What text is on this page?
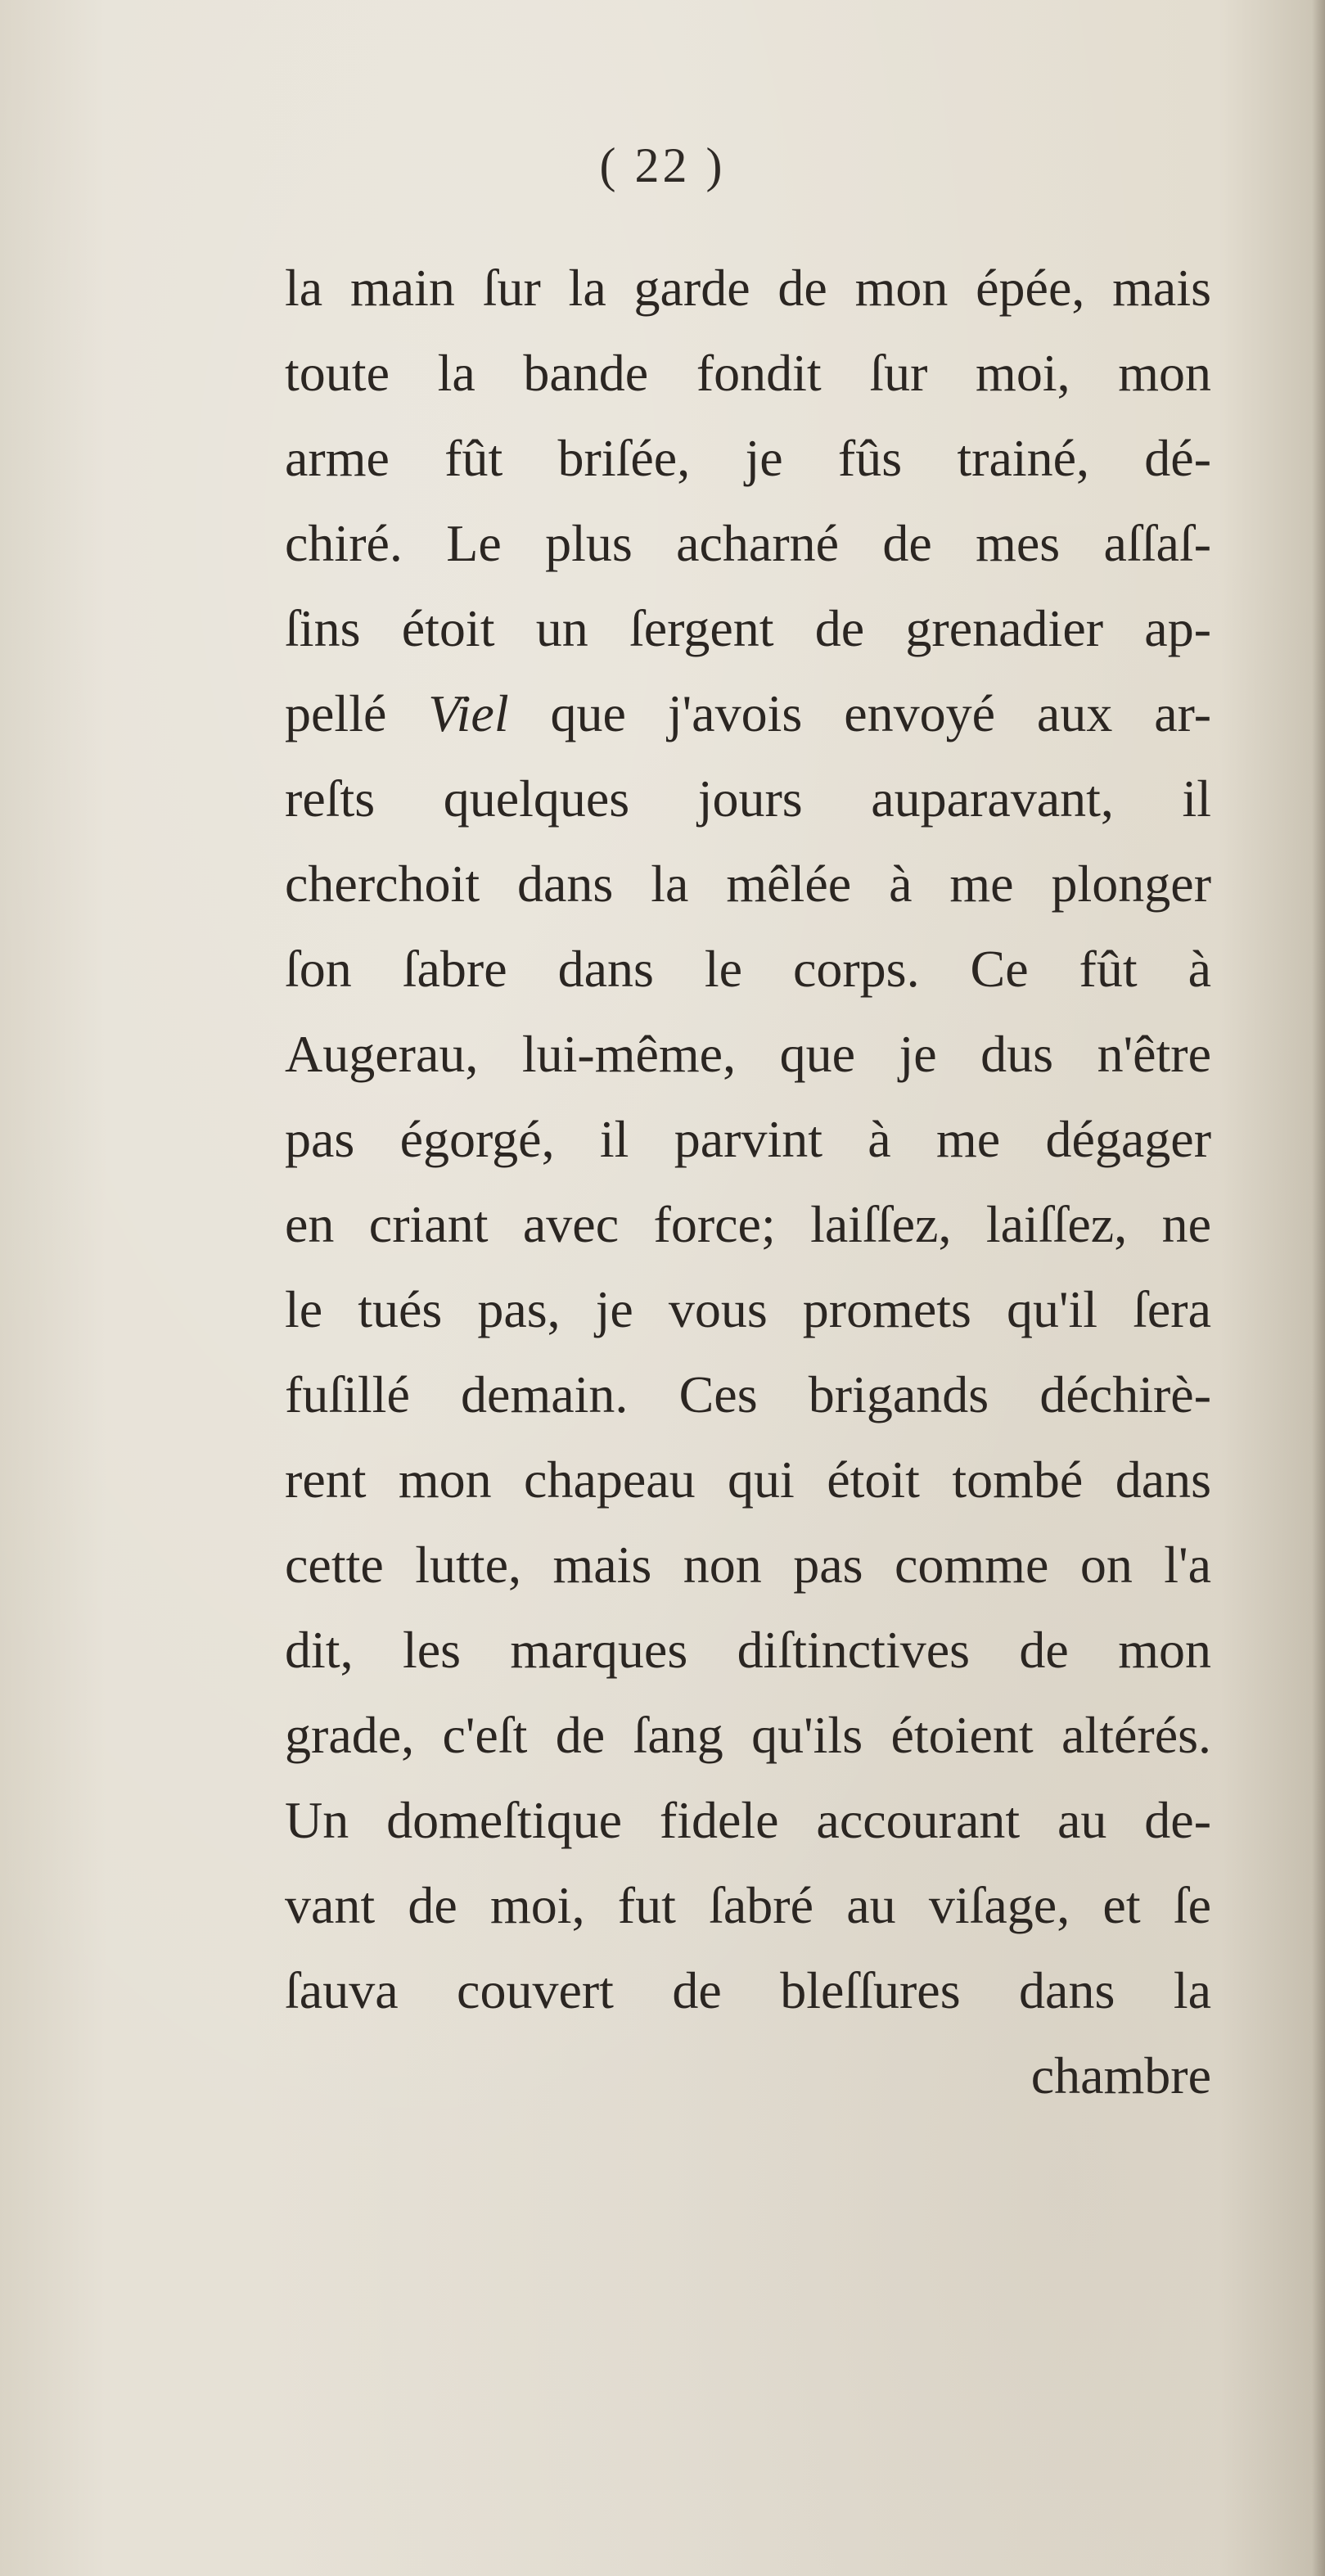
( 22 )
la main ſur la garde de mon épée, mais
toute la bande fondit ſur moi, mon
arme fût briſée, je fûs trainé, dé-
chiré. Le plus acharné de mes aſſaſ-
ſins étoit un ſergent de grenadier ap-
pellé Viel que j'avois envoyé aux ar-
reſts quelques jours auparavant, il
cherchoit dans la mêlée à me plonger
ſon ſabre dans le corps. Ce fût à
Augerau, lui-même, que je dus n'être
pas égorgé, il parvint à me dégager
en criant avec force; laiſſez, laiſſez, ne
le tués pas, je vous promets qu'il ſera
fuſillé demain. Ces brigands déchirè-
rent mon chapeau qui étoit tombé dans
cette lutte, mais non pas comme on l'a
dit, les marques diſtinctives de mon
grade, c'eſt de ſang qu'ils étoient altérés.
Un domeſtique fidele accourant au de-
vant de moi, fut ſabré au viſage, et ſe
ſauva couvert de bleſſures dans la
chambre
